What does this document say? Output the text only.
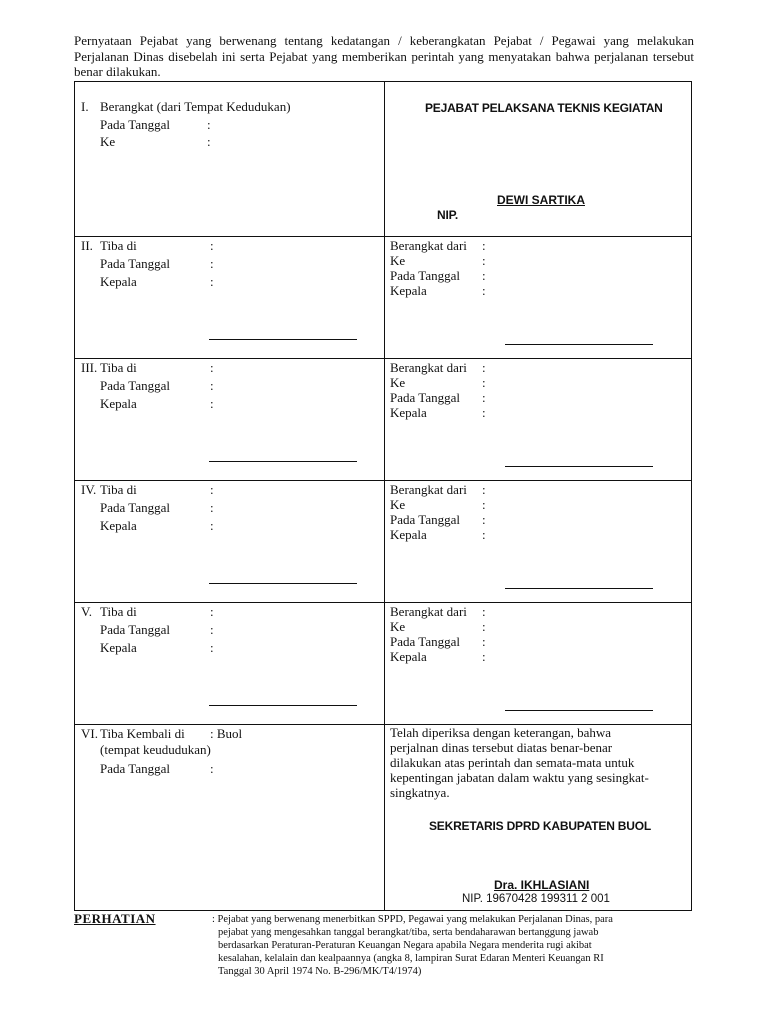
Pernyataan Pejabat yang berwenang tentang kedatangan / keberangkatan Pejabat / Pegawai yang melakukan Perjalanan Dinas disebelah ini serta Pejabat yang memberikan perintah yang menyatakan bahwa perjalanan tersebut benar dilakukan.
I. Berangkat (dari Tempat Kedudukan)
Pada Tanggal	:
Ke	:
PEJABAT PELAKSANA TEKNIS KEGIATAN
DEWI SARTIKA
NIP.
II. Tiba di	:
Pada Tanggal	:
Kepala	:
Berangkat dari :
Ke	:
Pada Tanggal :
Kepala	:
III. Tiba di	:
Pada Tanggal	:
Kepala	:
Berangkat dari :
Ke	:
Pada Tanggal :
Kepala	:
IV. Tiba di	:
Pada Tanggal	:
Kepala	:
Berangkat dari :
Ke	:
Pada Tanggal :
Kepala	:
V. Tiba di	:
Pada Tanggal	:
Kepala	:
Berangkat dari :
Ke	:
Pada Tanggal :
Kepala	:
VI. Tiba Kembali di : Buol
(tempat keududukan)
Pada Tanggal	:
Telah diperiksa dengan keterangan, bahwa
perjalnan dinas tersebut diatas benar-benar
dilakukan atas perintah dan semata-mata untuk
kepentingan jabatan dalam waktu yang sesingkat-
singkatnya.
SEKRETARIS DPRD KABUPATEN BUOL
Dra. IKHLASIANI
NIP. 19670428 199311 2 001
PERHATIAN	: Pejabat yang berwenang menerbitkan SPPD, Pegawai yang melakukan Perjalanan Dinas, para
pejabat yang mengesahkan tanggal berangkat/tiba, serta bendaharawan bertanggung jawab
berdasarkan Peraturan-Peraturan Keuangan Negara apabila Negara menderita rugi akibat
kesalahan, kelalain dan kealpaannya (angka 8, lampiran Surat Edaran Menteri Keuangan RI
Tanggal 30 April 1974 No. B-296/MK/T4/1974)
